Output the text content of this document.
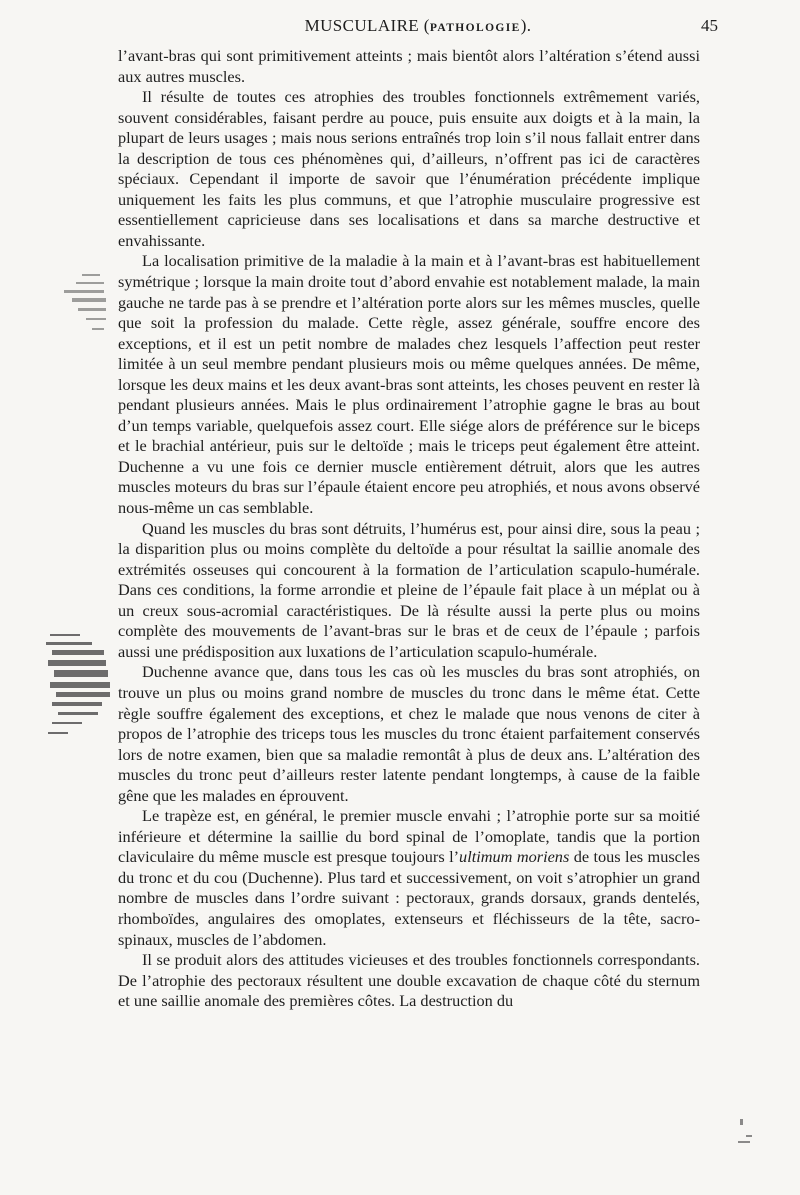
MUSCULAIRE (PATHOLOGIE).	45

l’avant-bras qui sont primitivement atteints ; mais bientôt alors l’altération s’étend aussi aux autres muscles.

Il résulte de toutes ces atrophies des troubles fonctionnels extrêmement variés, souvent considérables, faisant perdre au pouce, puis ensuite aux doigts et à la main, la plupart de leurs usages ; mais nous serions entraînés trop loin s’il nous fallait entrer dans la description de tous ces phénomènes qui, d’ailleurs, n’offrent pas ici de caractères spéciaux. Cependant il importe de savoir que l’énumération précédente implique uniquement les faits les plus communs, et que l’atrophie musculaire progressive est essentiellement capricieuse dans ses localisations et dans sa marche destructive et envahissante.

La localisation primitive de la maladie à la main et à l’avant-bras est habituellement symétrique ; lorsque la main droite tout d’abord envahie est notablement malade, la main gauche ne tarde pas à se prendre et l’altération porte alors sur les mêmes muscles, quelle que soit la profession du malade. Cette règle, assez générale, souffre encore des exceptions, et il est un petit nombre de malades chez lesquels l’affection peut rester limitée à un seul membre pendant plusieurs mois ou même quelques années. De même, lorsque les deux mains et les deux avant-bras sont atteints, les choses peuvent en rester là pendant plusieurs années. Mais le plus ordinairement l’atrophie gagne le bras au bout d’un temps variable, quelquefois assez court. Elle siége alors de préférence sur le biceps et le brachial antérieur, puis sur le deltoïde ; mais le triceps peut également être atteint. Duchenne a vu une fois ce dernier muscle entièrement détruit, alors que les autres muscles moteurs du bras sur l’épaule étaient encore peu atrophiés, et nous avons observé nous-même un cas semblable.

Quand les muscles du bras sont détruits, l’humérus est, pour ainsi dire, sous la peau ; la disparition plus ou moins complète du deltoïde a pour résultat la saillie anomale des extrémités osseuses qui concourent à la formation de l’articulation scapulo-humérale. Dans ces conditions, la forme arrondie et pleine de l’épaule fait place à un méplat ou à un creux sous-acromial caractéristiques. De là résulte aussi la perte plus ou moins complète des mouvements de l’avant-bras sur le bras et de ceux de l’épaule ; parfois aussi une prédisposition aux luxations de l’articulation scapulo-humérale.

Duchenne avance que, dans tous les cas où les muscles du bras sont atrophiés, on trouve un plus ou moins grand nombre de muscles du tronc dans le même état. Cette règle souffre également des exceptions, et chez le malade que nous venons de citer à propos de l’atrophie des triceps tous les muscles du tronc étaient parfaitement conservés lors de notre examen, bien que sa maladie remontât à plus de deux ans. L’altération des muscles du tronc peut d’ailleurs rester latente pendant longtemps, à cause de la faible gêne que les malades en éprouvent.

Le trapèze est, en général, le premier muscle envahi ; l’atrophie porte sur sa moitié inférieure et détermine la saillie du bord spinal de l’omoplate, tandis que la portion claviculaire du même muscle est presque toujours l’ultimum moriens de tous les muscles du tronc et du cou (Duchenne). Plus tard et successivement, on voit s’atrophier un grand nombre de muscles dans l’ordre suivant : pectoraux, grands dorsaux, grands dentelés, rhomboïdes, angulaires des omoplates, extenseurs et fléchisseurs de la tête, sacro-spinaux, muscles de l’abdomen.

Il se produit alors des attitudes vicieuses et des troubles fonctionnels correspondants. De l’atrophie des pectoraux résultent une double excavation de chaque côté du sternum et une saillie anomale des premières côtes. La destruction du
